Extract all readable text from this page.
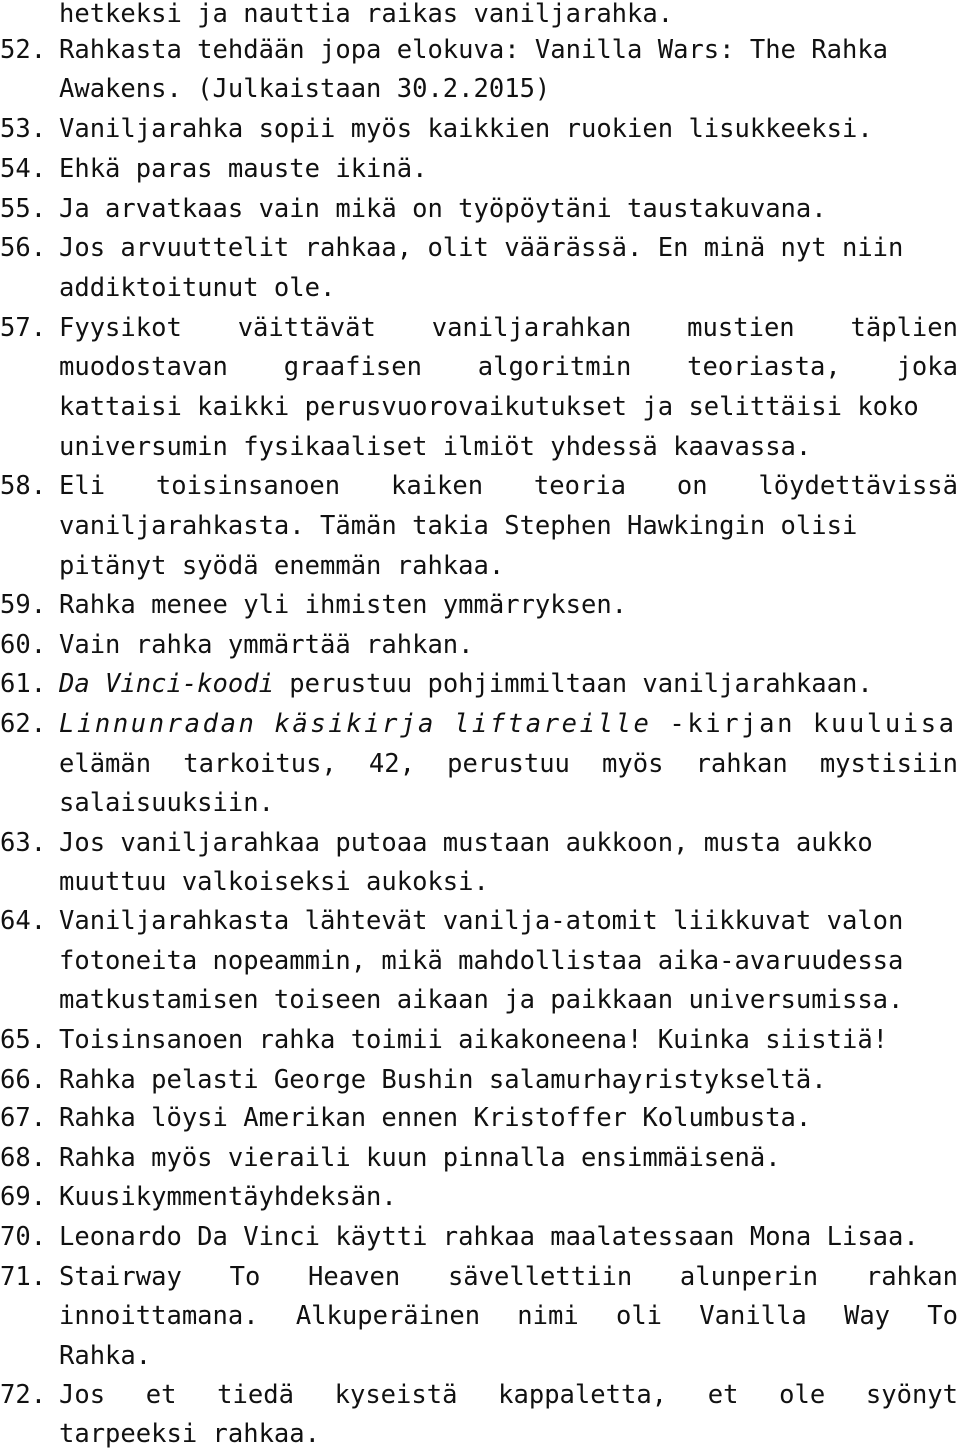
hetkeksi ja nauttia raikas vaniljarahka.
52. Rahkasta tehdään jopa elokuva: Vanilla Wars: The Rahka
Awakens. (Julkaistaan 30.2.2015)
53. Vaniljarahka sopii myös kaikkien ruokien lisukkeeksi.
54. Ehkä paras mauste ikinä.
55. Ja arvatkaas vain mikä on työpöytäni taustakuvana.
56. Jos arvuuttelit rahkaa, olit väärässä. En minä nyt niin
addiktoitunut ole.
57. Fyysikot väittävät vaniljarahkan mustien täplien
muodostavan graafisen algoritmin teoriasta, joka
kattaisi kaikki perusvuorovaikutukset ja selittäisi koko
universumin fysikaaliset ilmiöt yhdessä kaavassa.
58. Eli toisinsanoen kaiken teoria on löydettävissä
vaniljarahkasta. Tämän takia Stephen Hawkingin olisi
pitänyt syödä enemmän rahkaa.
59. Rahka menee yli ihmisten ymmärryksen.
60. Vain rahka ymmärtää rahkan.
61. Da Vinci-koodi perustuu pohjimmiltaan vaniljarahkaan.
62. Linnunradan käsikirja liftareille -kirjan kuuluisa
elämän tarkoitus, 42, perustuu myös rahkan mystisiin
salaisuuksiin.
63. Jos vaniljarahkaa putoaa mustaan aukkoon, musta aukko
muuttuu valkoiseksi aukoksi.
64. Vaniljarahkasta lähtevät vanilja-atomit liikkuvat valon
fotoneita nopeammin, mikä mahdollistaa aika-avaruudessa
matkustamisen toiseen aikaan ja paikkaan universumissa.
65. Toisinsanoen rahka toimii aikakoneena! Kuinka siistiä!
66. Rahka pelasti George Bushin salamurhayristykseltä.
67. Rahka löysi Amerikan ennen Kristoffer Kolumbusta.
68. Rahka myös vieraili kuun pinnalla ensimmäisenä.
69. Kuusikymmentäyhdeksän.
70. Leonardo Da Vinci käytti rahkaa maalatessaan Mona Lisaa.
71. Stairway To Heaven sävellettiin alunperin rahkan
innoittamana. Alkuperäinen nimi oli Vanilla Way To
Rahka.
72. Jos et tiedä kyseistä kappaletta, et ole syönyt
tarpeeksi rahkaa.
